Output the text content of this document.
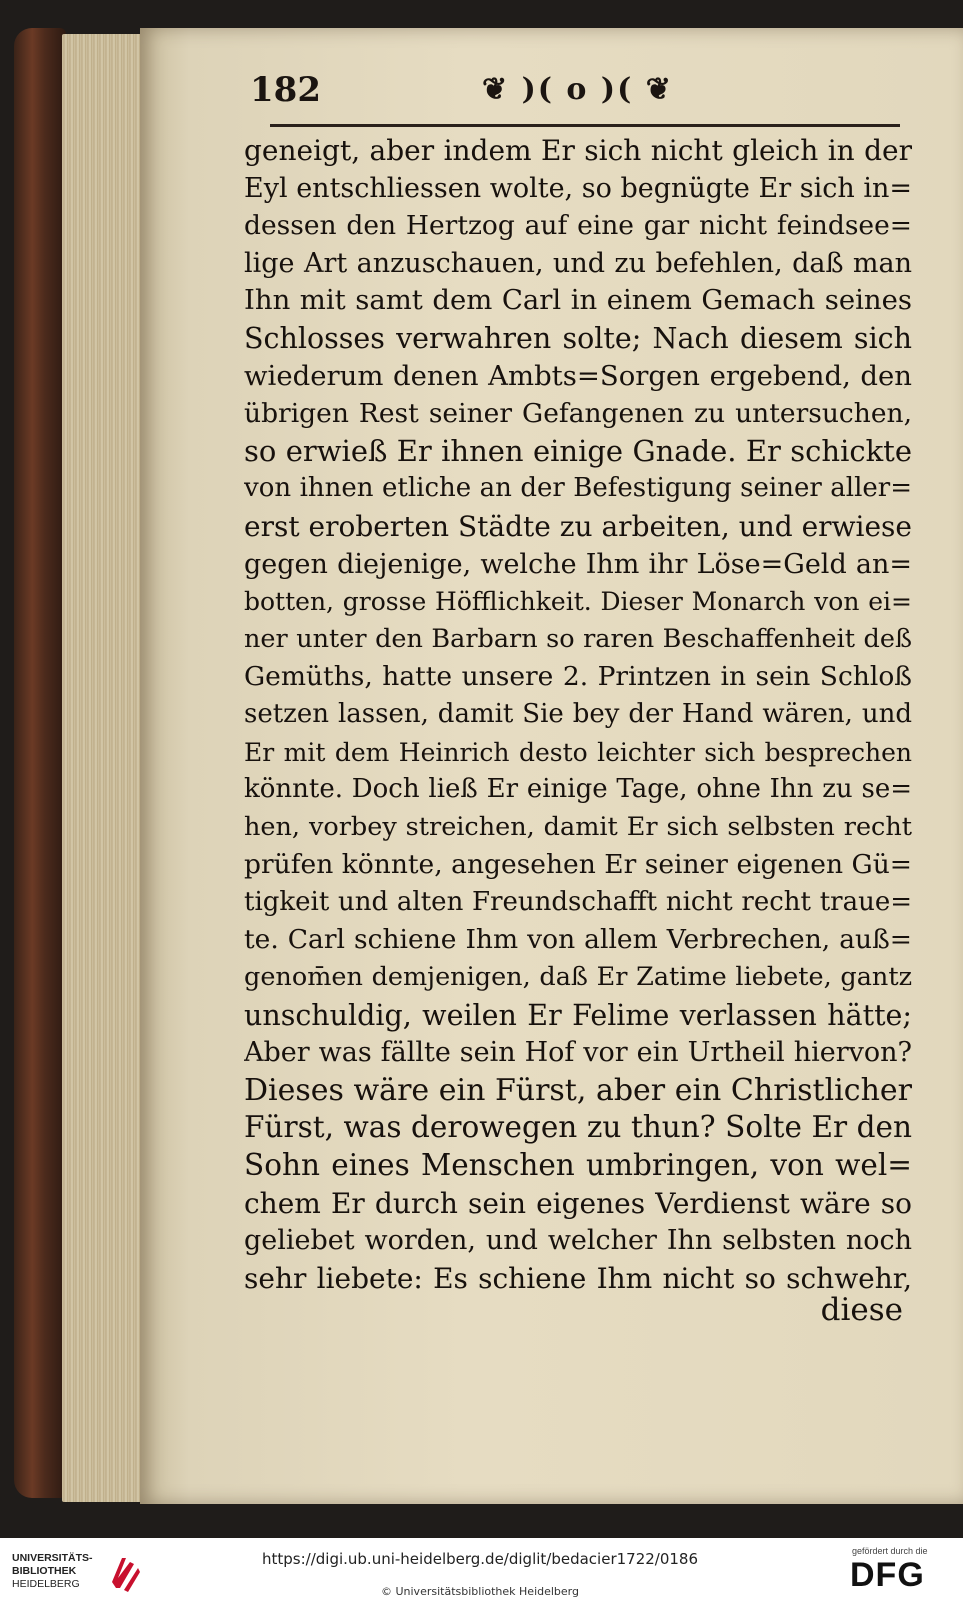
182	❦ )( o )( ❦
geneigt, aber indem Er sich nicht gleich in der
Eyl entschliessen wolte, so begnügte Er sich in=
dessen den Hertzog auf eine gar nicht feindsee=
lige Art anzuschauen, und zu befehlen, daß man
Ihn mit samt dem Carl in einem Gemach seines
Schlosses verwahren solte; Nach diesem sich
wiederum denen Ambts=Sorgen ergebend, den
übrigen Rest seiner Gefangenen zu untersuchen,
so erwieß Er ihnen einige Gnade. Er schickte
von ihnen etliche an der Befestigung seiner aller=
erst eroberten Städte zu arbeiten, und erwiese
gegen diejenige, welche Ihm ihr Löse=Geld an=
botten, grosse Höfflichkeit. Dieser Monarch von ei=
ner unter den Barbarn so raren Beschaffenheit deß
Gemüths, hatte unsere 2. Printzen in sein Schloß
setzen lassen, damit Sie bey der Hand wären, und
Er mit dem Heinrich desto leichter sich besprechen
könnte. Doch ließ Er einige Tage, ohne Ihn zu se=
hen, vorbey streichen, damit Er sich selbsten recht
prüfen könnte, angesehen Er seiner eigenen Gü=
tigkeit und alten Freundschafft nicht recht traue=
te. Carl schiene Ihm von allem Verbrechen, auß=
genom̄en demjenigen, daß Er Zatime liebete, gantz
unschuldig, weilen Er Felime verlassen hätte;
Aber was fällte sein Hof vor ein Urtheil hiervon?
Dieses wäre ein Fürst, aber ein Christlicher
Fürst, was derowegen zu thun? Solte Er den
Sohn eines Menschen umbringen, von wel=
chem Er durch sein eigenes Verdienst wäre so
geliebet worden, und welcher Ihn selbsten noch
sehr liebete: Es schiene Ihm nicht so schwehr,
diese
UNIVERSITÄTS-
BIBLIOTHEK
HEIDELBERG
https://digi.ub.uni-heidelberg.de/diglit/bedacier1722/0186
© Universitätsbibliothek Heidelberg
gefördert durch die
DFG
